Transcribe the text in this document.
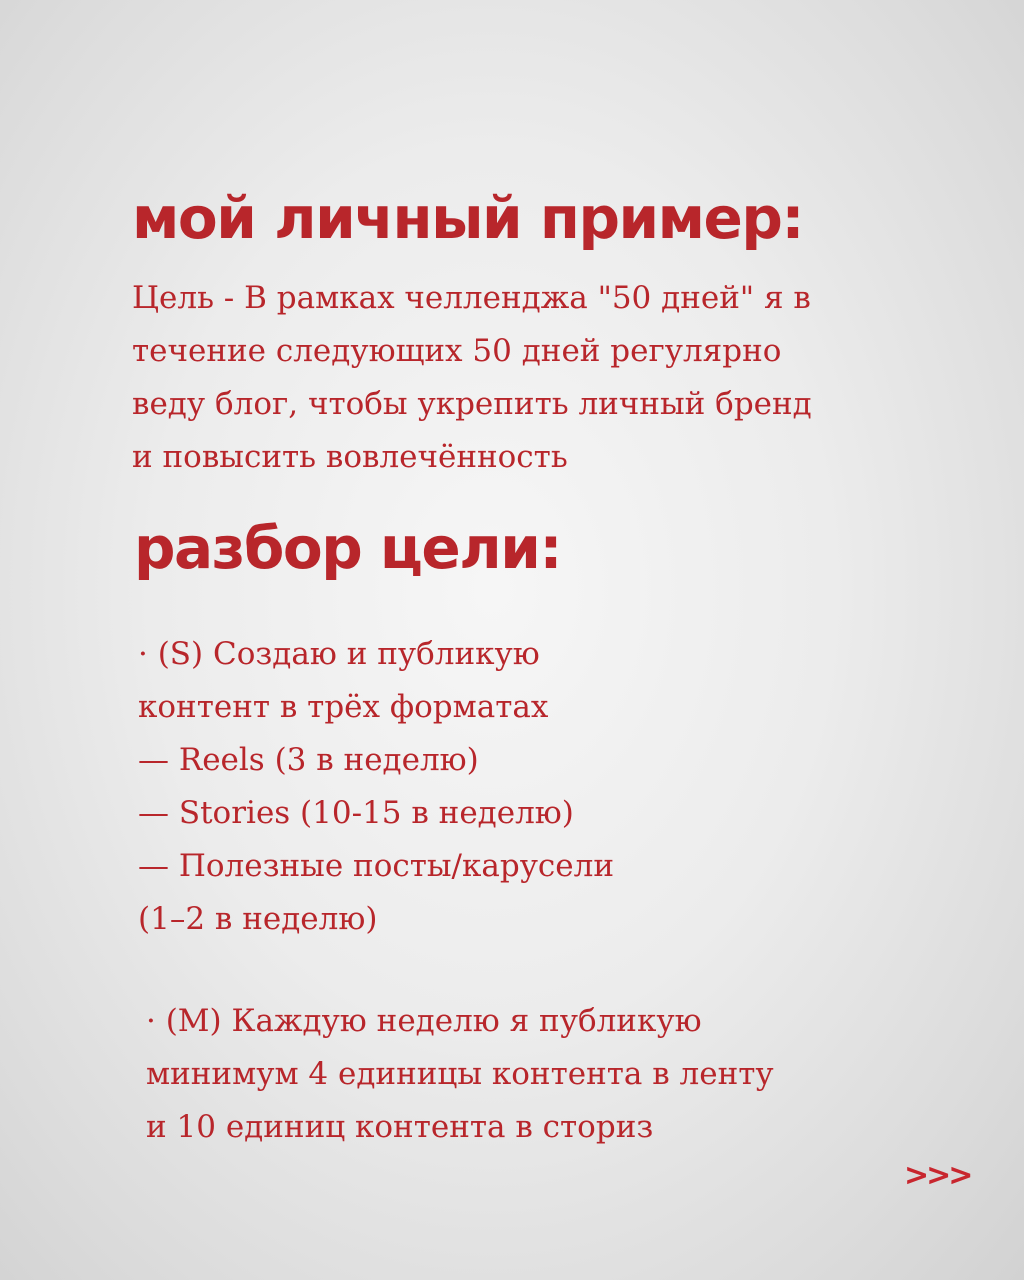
мой личный пример:
Цель - В рамках челленджа "50 дней" я в
течение следующих 50 дней регулярно
веду блог, чтобы укрепить личный бренд
и повысить вовлечённость
разбор цели:
· (S) Создаю и публикую
контент в трёх форматах
— Reels (3 в неделю)
— Stories (10-15 в неделю)
— Полезные посты/карусели
(1–2 в неделю)
· (M) Каждую неделю я публикую
минимум 4 единицы контента в ленту
и 10 единиц контента в сториз
>>>
